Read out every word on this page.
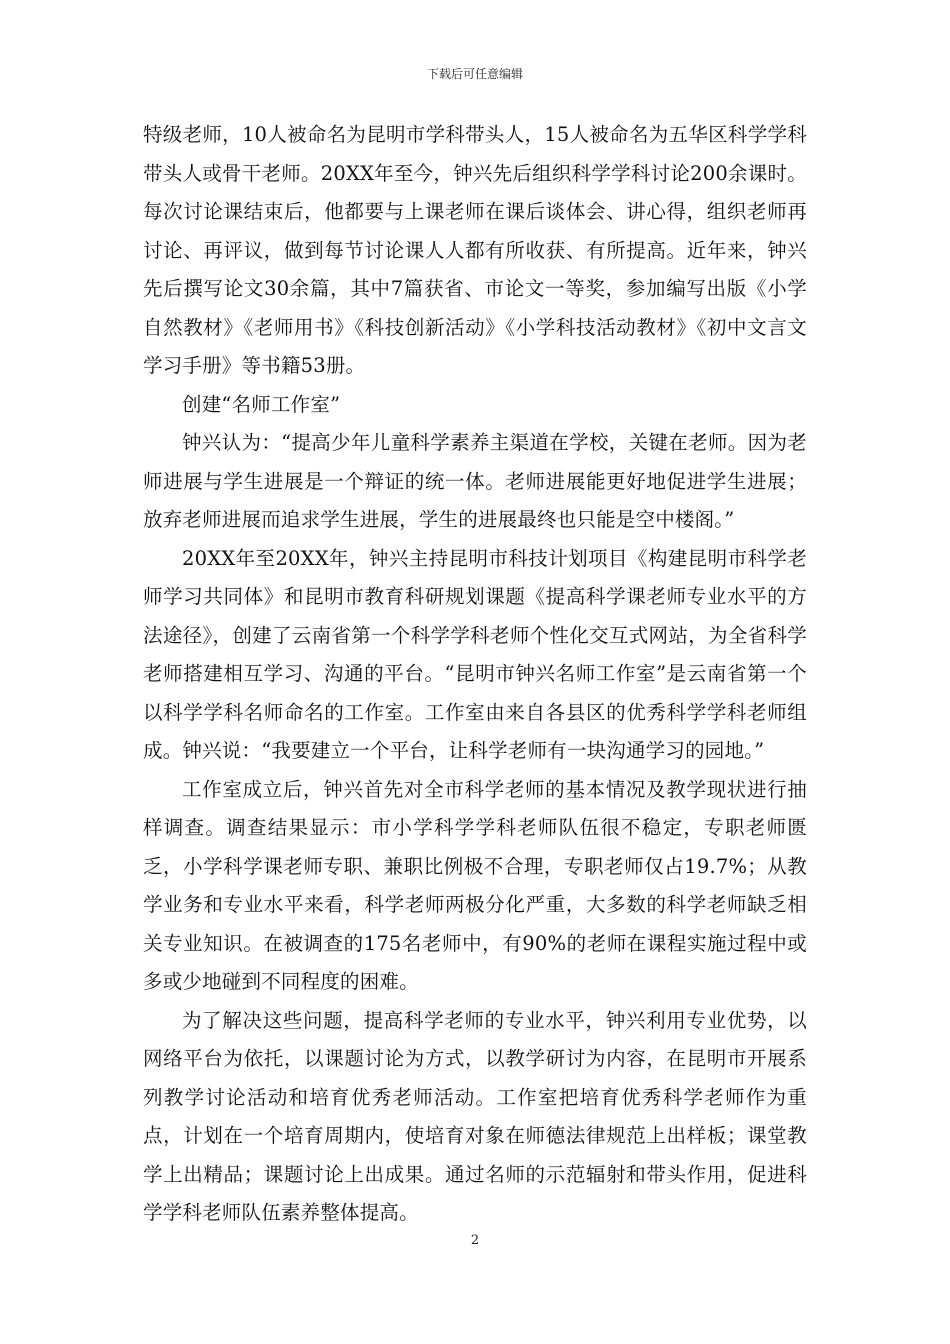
下载后可任意编辑

特级老师，10人被命名为昆明市学科带头人，15人被命名为五华区科学学科带头人或骨干老师。20XX年至今，钟兴先后组织科学学科讨论200余课时。每次讨论课结束后，他都要与上课老师在课后谈体会、讲心得，组织老师再讨论、再评议，做到每节讨论课人人都有所收获、有所提高。近年来，钟兴先后撰写论文30余篇，其中7篇获省、市论文一等奖，参加编写出版《小学自然教材》《老师用书》《科技创新活动》《小学科技活动教材》《初中文言文学习手册》等书籍53册。

创建“名师工作室”

钟兴认为：“提高少年儿童科学素养主渠道在学校，关键在老师。因为老师进展与学生进展是一个辩证的统一体。老师进展能更好地促进学生进展；放弃老师进展而追求学生进展，学生的进展最终也只能是空中楼阁。”

20XX年至20XX年，钟兴主持昆明市科技计划项目《构建昆明市科学老师学习共同体》和昆明市教育科研规划课题《提高科学课老师专业水平的方法途径》，创建了云南省第一个科学学科老师个性化交互式网站，为全省科学老师搭建相互学习、沟通的平台。“昆明市钟兴名师工作室”是云南省第一个以科学学科名师命名的工作室。工作室由来自各县区的优秀科学学科老师组成。钟兴说：“我要建立一个平台，让科学老师有一块沟通学习的园地。”

工作室成立后，钟兴首先对全市科学老师的基本情况及教学现状进行抽样调查。调查结果显示：市小学科学学科老师队伍很不稳定，专职老师匮乏，小学科学课老师专职、兼职比例极不合理，专职老师仅占19.7%；从教学业务和专业水平来看，科学老师两极分化严重，大多数的科学老师缺乏相关专业知识。在被调查的175名老师中，有90%的老师在课程实施过程中或多或少地碰到不同程度的困难。

为了解决这些问题，提高科学老师的专业水平，钟兴利用专业优势，以网络平台为依托，以课题讨论为方式，以教学研讨为内容，在昆明市开展系列教学讨论活动和培育优秀老师活动。工作室把培育优秀科学老师作为重点，计划在一个培育周期内，使培育对象在师德法律规范上出样板；课堂教学上出精品；课题讨论上出成果。通过名师的示范辐射和带头作用，促进科学学科老师队伍素养整体提高。

2
